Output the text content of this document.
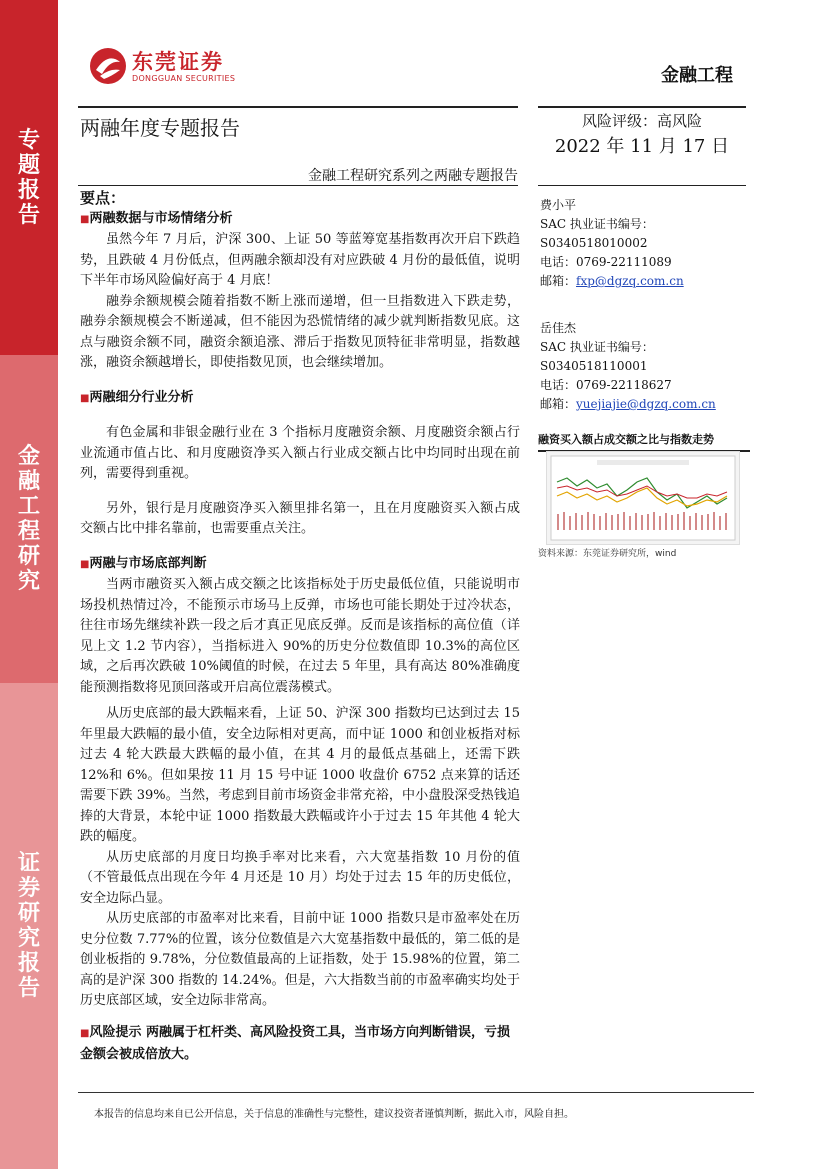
专题报告
金融工程研究
证券研究报告
东莞证券
DONGGUAN SECURITIES	金融工程
两融年度专题报告	风险评级：高风险
2022 年 11 月 17 日
金融工程研究系列之两融专题报告
要点：
■两融数据与市场情绪分析

虽然今年 7 月后，沪深 300、上证 50 等蓝筹宽基指数再次开启下跌趋势，且跌破 4 月份低点，但两融余额却没有对应跌破 4 月份的最低值，说明下半年市场风险偏好高于 4 月底！

融券余额规模会随着指数不断上涨而递增，但一旦指数进入下跌走势，融券余额规模会不断递减，但不能因为恐慌情绪的减少就判断指数见底。这点与融资余额不同，融资余额追涨、滞后于指数见顶特征非常明显，指数越涨，融资余额越增长，即使指数见顶，也会继续增加。

■两融细分行业分析

有色金属和非银金融行业在 3 个指标月度融资余额、月度融资余额占行业流通市值占比、和月度融资净买入额占行业成交额占比中均同时出现在前列，需要得到重视。

另外，银行是月度融资净买入额里排名第一，且在月度融资买入额占成交额占比中排名靠前，也需要重点关注。

■两融与市场底部判断

当两市融资买入额占成交额之比该指标处于历史最低位值，只能说明市场投机热情过冷，不能预示市场马上反弹，市场也可能长期处于过冷状态，往往市场先继续补跌一段之后才真正见底反弹。反而是该指标的高位值（详见上文 1.2 节内容），当指标进入 90%的历史分位数值即 10.3%的高位区域，之后再次跌破 10%阈值的时候，在过去 5 年里，具有高达 80%准确度能预测指数将见顶回落或开启高位震荡模式。

从历史底部的最大跌幅来看，上证 50、沪深 300 指数均已达到过去 15 年里最大跌幅的最小值，安全边际相对更高，而中证 1000 和创业板指对标过去 4 轮大跌最大跌幅的最小值，在其 4 月的最低点基础上，还需下跌 12%和 6%。但如果按 11 月 15 号中证 1000 收盘价 6752 点来算的话还需要下跌 39%。当然，考虑到目前市场资金非常充裕，中小盘股深受热钱追捧的大背景，本轮中证 1000 指数最大跌幅或许小于过去 15 年其他 4 轮大跌的幅度。

从历史底部的月度日均换手率对比来看，六大宽基指数 10 月份的值（不管最低点出现在今年 4 月还是 10 月）均处于过去 15 年的历史低位，安全边际凸显。

从历史底部的市盈率对比来看，目前中证 1000 指数只是市盈率处在历史分位数 7.77%的位置，该分位数值是六大宽基指数中最低的，第二低的是创业板指的 9.78%，分位数值最高的上证指数，处于 15.98%的位置，第二高的是沪深 300 指数的 14.24%。但是，六大指数当前的市盈率确实均处于历史底部区域，安全边际非常高。

■风险提示 两融属于杠杆类、高风险投资工具，当市场方向判断错误，亏损金额会被成倍放大。
费小平
SAC 执业证书编号：
S0340518010002
电话：0769-22111089
邮箱：fxp@dgzq.com.cn
岳佳杰
SAC 执业证书编号：
S0340518110001
电话：0769-22118627
邮箱：yuejiajie@dgzq.com.cn
融资买入额占成交额之比与指数走势
资料来源：东莞证券研究所，wind
本报告的信息均来自已公开信息，关于信息的准确性与完整性，建议投资者谨慎判断，据此入市，风险自担。
